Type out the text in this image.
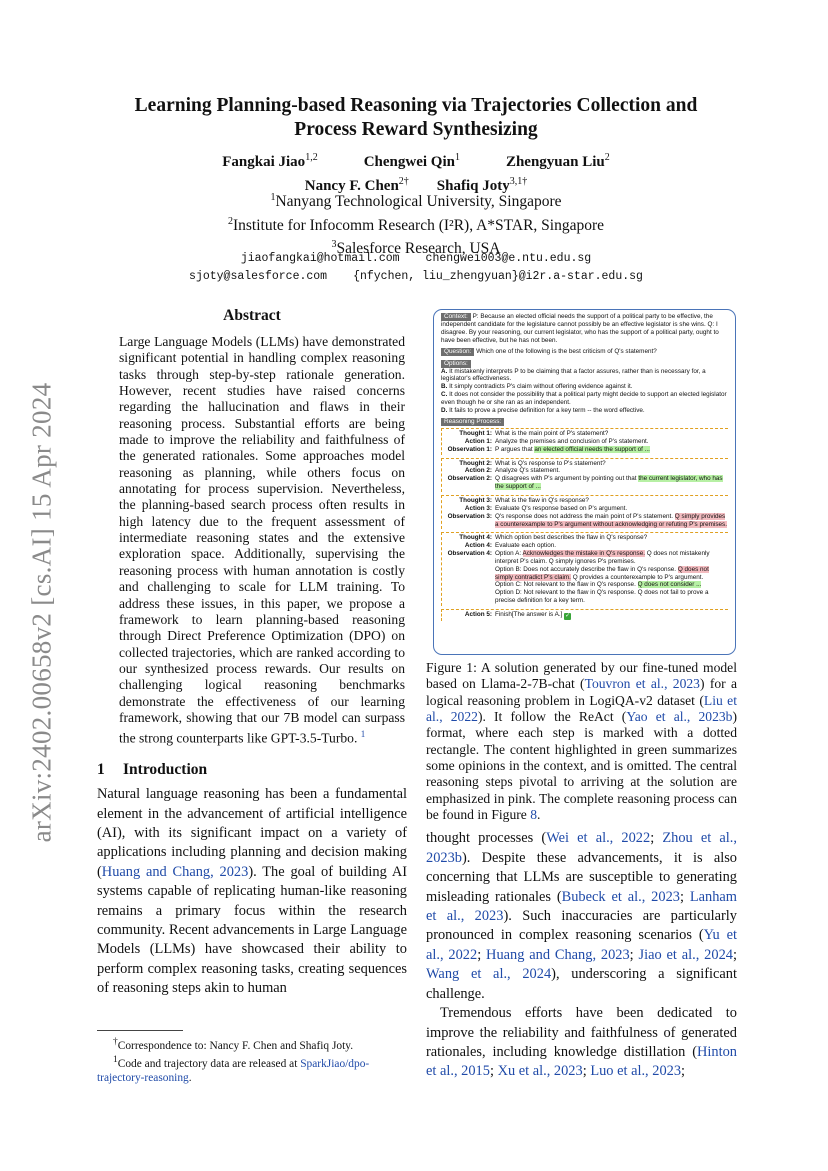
arXiv:2402.00658v2 [cs.AI] 15 Apr 2024
Learning Planning-based Reasoning via Trajectories Collection and
Process Reward Synthesizing
Fangkai Jiao$^{1,2}$	Chengwei Qin$^1$	Zhengyuan Liu$^2$
Nancy F. Chen$^{2\dagger}$ Shafiq Joty$^{3,1\dagger}$
$^1$Nanyang Technological University, Singapore
$^2$Institute for Infocomm Research (I²R), A*STAR, Singapore
$^3$Salesforce Research, USA
jiaofangkai@hotmail.com chengwei003@e.ntu.edu.sg
sjoty@salesforce.com {nfychen, liu_zhengyuan}@i2r.a-star.edu.sg
Abstract

Large Language Models (LLMs) have demonstrated significant potential in handling complex reasoning tasks through step-by-step rationale generation. However, recent studies have raised concerns regarding the hallucination and flaws in their reasoning process. Substantial efforts are being made to improve the reliability and faithfulness of the generated rationales. Some approaches model reasoning as planning, while others focus on annotating for process supervision. Nevertheless, the planning-based search process often results in high latency due to the frequent assessment of intermediate reasoning states and the extensive exploration space. Additionally, supervising the reasoning process with human annotation is costly and challenging to scale for LLM training. To address these issues, in this paper, we propose a framework to learn planning-based reasoning through Direct Preference Optimization (DPO) on collected trajectories, which are ranked according to our synthesized process rewards. Our results on challenging logical reasoning benchmarks demonstrate the effectiveness of our learning framework, showing that our 7B model can surpass the strong counterparts like GPT-3.5-Turbo. $^1$

1 Introduction

Natural language reasoning has been a fundamental element in the advancement of artificial intelligence (AI), with its significant impact on a variety of applications including planning and decision making (Huang and Chang, 2023). The goal of building AI systems capable of replicating human-like reasoning remains a primary focus within the research community. Recent advancements in Large Language Models (LLMs) have showcased their ability to perform complex reasoning tasks, creating sequences of reasoning steps akin to human

†Correspondence to: Nancy F. Chen and Shafiq Joty.

$^1$Code and trajectory data are released at SparkJiao/dpo-trajectory-reasoning.

Context: P: Because an elected official needs the support of a political party to be effective, the independent candidate for the legislature cannot possibly be an effective legislator is she wins. Q: I disagree. By your reasoning, our current legislator, who has the support of a political party, ought to have been effective, but he has not been.
Question: Which one of the following is the best criticism of Q's statement?
Options:

A. It mistakenly interprets P to be claiming that a factor assures, rather than is necessary for, a legislator's effectiveness.

B. It simply contradicts P's claim without offering evidence against it.

C. It does not consider the possibility that a political party might decide to support an elected legislator even though he or she ran as an independent.

D. It fails to prove a precise definition for a key term -- the word effective.

Reasoning Process:
Thought 1: What is the main point of P's statement?
Action 1: Analyze the premises and conclusion of P's statement.
Observation 1: P argues that an elected official needs the support of ...
Thought 2: What is Q's response to P's statement?
Action 2: Analyze Q's statement.
Observation 2: Q disagrees with P's argument by pointing out that the current legislator, who has the support of ...
Thought 3: What is the flaw in Q's response?
Action 3: Evaluate Q's response based on P's argument.
Observation 3: Q's response does not address the main point of P's statement. Q simply provides a counterexample to P's argument without acknowledging or refuting P's premises.
Thought 4: Which option best describes the flaw in Q's response?
Action 4: Evaluate each option.
Observation 4: Option A: Acknowledges the mistake in Q's response. Q does not mistakenly interpret P's claim. Q simply ignores P's premises.
Option B: Does not accurately describe the flaw in Q's response. Q does not simply contradict P's claim. Q provides a counterexample to P's argument.
Option C: Not relevant to the flaw in Q's response. Q does not consider ...
Option D: Not relevant to the flaw in Q's response. Q does not fail to prove a precise definition for a key term.
Action 5: Finish[The answer is A.] ✓

Figure 1: A solution generated by our fine-tuned model based on Llama-2-7B-chat (Touvron et al., 2023) for a logical reasoning problem in LogiQA-v2 dataset (Liu et al., 2022). It follow the ReAct (Yao et al., 2023b) format, where each step is marked with a dotted rectangle. The content highlighted in green summarizes some opinions in the context, and is omitted. The central reasoning steps pivotal to arriving at the solution are emphasized in pink. The complete reasoning process can be found in Figure 8.

thought processes (Wei et al., 2022; Zhou et al., 2023b). Despite these advancements, it is also concerning that LLMs are susceptible to generating misleading rationales (Bubeck et al., 2023; Lanham et al., 2023). Such inaccuracies are particularly pronounced in complex reasoning scenarios (Yu et al., 2022; Huang and Chang, 2023; Jiao et al., 2024; Wang et al., 2024), underscoring a significant challenge.

Tremendous efforts have been dedicated to improve the reliability and faithfulness of generated rationales, including knowledge distillation (Hinton et al., 2015; Xu et al., 2023; Luo et al., 2023;
